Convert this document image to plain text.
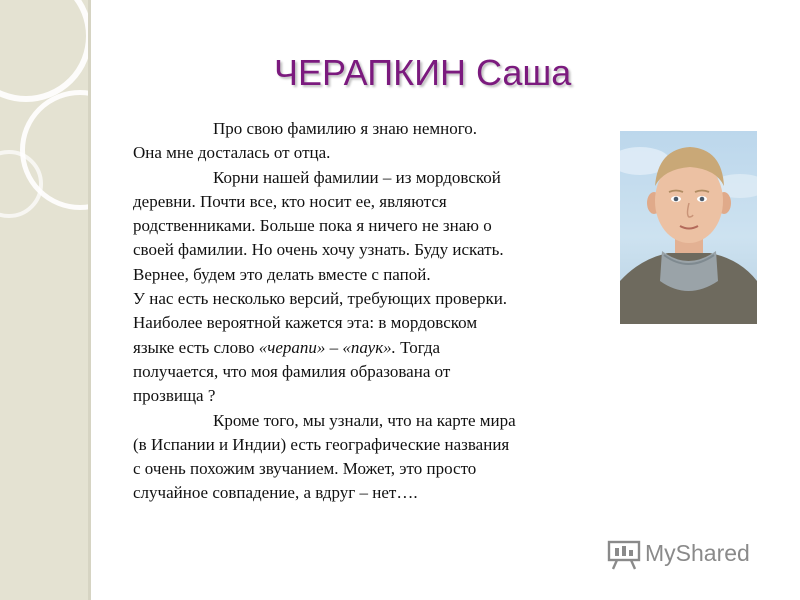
ЧЕРАПКИН Саша
Про свою фамилию я знаю немного.
Она мне досталась от отца.
Корни нашей фамилии – из мордовской
деревни. Почти все, кто носит ее, являются
родственниками. Больше пока я ничего не знаю о
своей фамилии. Но очень хочу узнать. Буду искать.
Вернее, будем это делать вместе с папой.
У нас есть несколько версий, требующих проверки.
Наиболее вероятной кажется эта: в мордовском
языке есть слово «черапи» – «паук». Тогда
получается, что моя фамилия образована от
прозвища ?
Кроме того, мы узнали, что на карте мира
(в Испании и Индии) есть географические названия
с очень похожим звучанием. Может, это просто
случайное совпадение, а вдруг – нет….
MyShared
